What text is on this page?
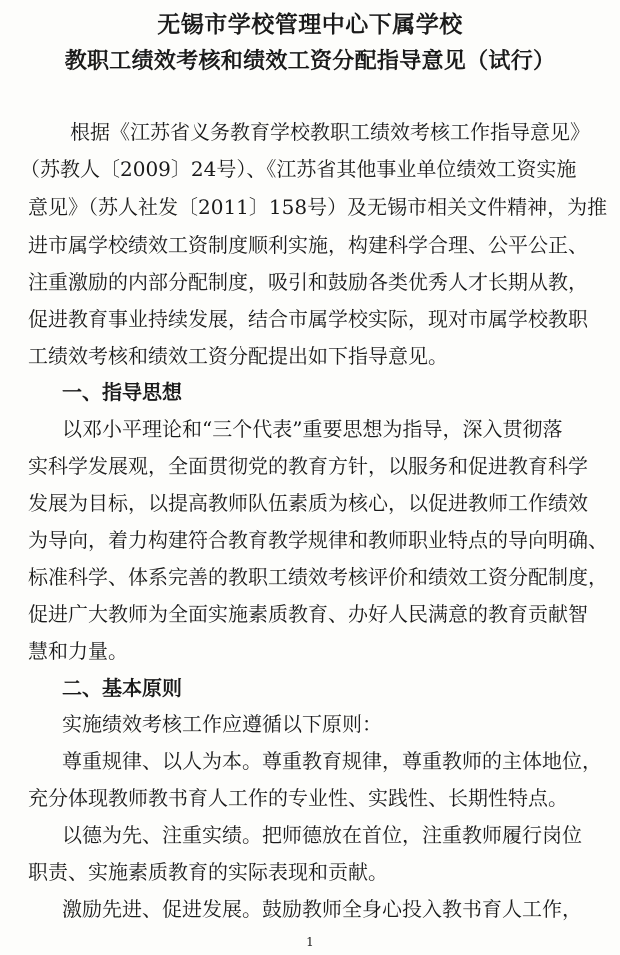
无锡市学校管理中心下属学校
教职工绩效考核和绩效工资分配指导意见（试行）
根据《江苏省义务教育学校教职工绩效考核工作指导意见》
（苏教人〔2009〕24号）、《江苏省其他事业单位绩效工资实施
意见》（苏人社发〔2011〕158号）及无锡市相关文件精神，为推
进市属学校绩效工资制度顺利实施，构建科学合理、公平公正、
注重激励的内部分配制度，吸引和鼓励各类优秀人才长期从教，
促进教育事业持续发展，结合市属学校实际，现对市属学校教职
工绩效考核和绩效工资分配提出如下指导意见。
一、指导思想
以邓小平理论和“三个代表”重要思想为指导，深入贯彻落
实科学发展观，全面贯彻党的教育方针，以服务和促进教育科学
发展为目标，以提高教师队伍素质为核心，以促进教师工作绩效
为导向，着力构建符合教育教学规律和教师职业特点的导向明确、
标准科学、体系完善的教职工绩效考核评价和绩效工资分配制度，
促进广大教师为全面实施素质教育、办好人民满意的教育贡献智
慧和力量。
二、基本原则
实施绩效考核工作应遵循以下原则：
尊重规律、以人为本。尊重教育规律，尊重教师的主体地位，
充分体现教师教书育人工作的专业性、实践性、长期性特点。
以德为先、注重实绩。把师德放在首位，注重教师履行岗位
职责、实施素质教育的实际表现和贡献。
激励先进、促进发展。鼓励教师全身心投入教书育人工作，
1
